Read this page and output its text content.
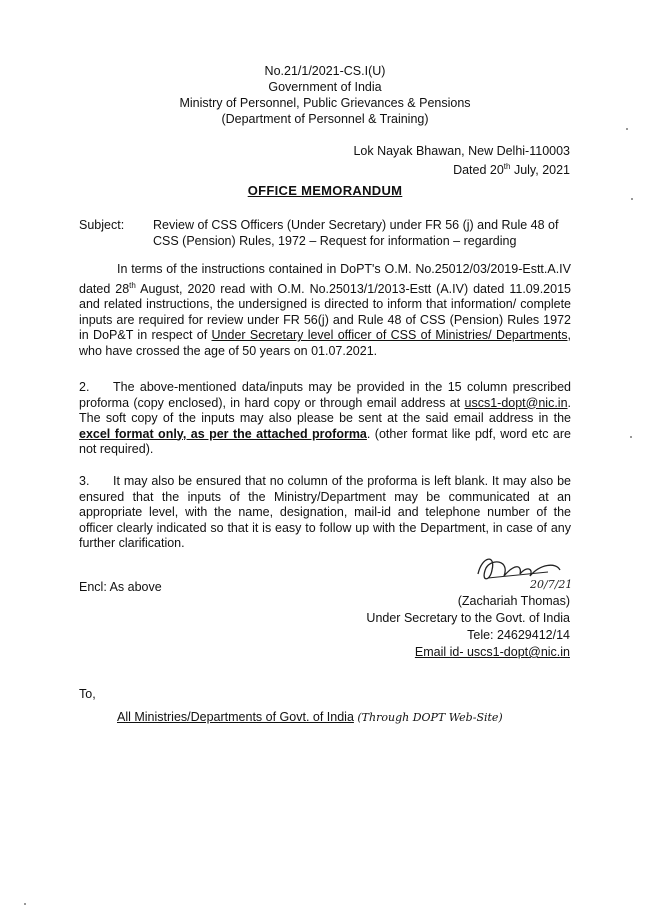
No.21/1/2021-CS.I(U)
Government of India
Ministry of Personnel, Public Grievances & Pensions
(Department of Personnel & Training)
Lok Nayak Bhawan, New Delhi-110003
Dated 20th July, 2021
OFFICE MEMORANDUM
Subject: Review of CSS Officers (Under Secretary) under FR 56 (j) and Rule 48 of CSS (Pension) Rules, 1972 – Request for information – regarding
In terms of the instructions contained in DoPT's O.M. No.25012/03/2019-Estt.A.IV dated 28th August, 2020 read with O.M. No.25013/1/2013-Estt (A.IV) dated 11.09.2015 and related instructions, the undersigned is directed to inform that information/ complete inputs are required for review under FR 56(j) and Rule 48 of CSS (Pension) Rules 1972 in DoP&T in respect of Under Secretary level officer of CSS of Ministries/ Departments, who have crossed the age of 50 years on 01.07.2021.
2. The above-mentioned data/inputs may be provided in the 15 column prescribed proforma (copy enclosed), in hard copy or through email address at uscs1-dopt@nic.in. The soft copy of the inputs may also please be sent at the said email address in the excel format only, as per the attached proforma. (other format like pdf, word etc are not required).
3. It may also be ensured that no column of the proforma is left blank. It may also be ensured that the inputs of the Ministry/Department may be communicated at an appropriate level, with the name, designation, mail-id and telephone number of the officer clearly indicated so that it is easy to follow up with the Department, in case of any further clarification.
Encl: As above	20/7/21
(Zachariah Thomas)
Under Secretary to the Govt. of India
Tele: 24629412/14
Email id- uscs1-dopt@nic.in
To,
All Ministries/Departments of Govt. of India (Through DOPT Web-Site)
